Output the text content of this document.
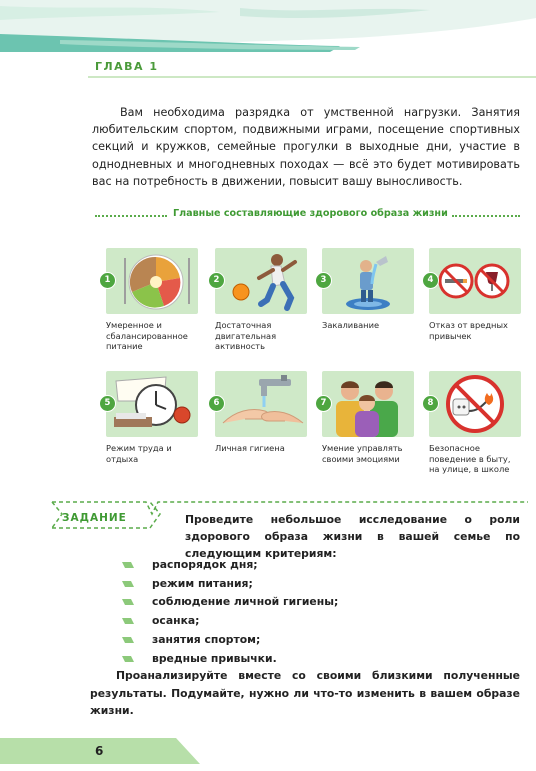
ГЛАВА 1

Вам необходима разрядка от умственной нагрузки. Занятия любительским спортом, подвижными играми, посещение спортивных секций и кружков, семейные прогулки в выходные дни, участие в однодневных и многодневных походах — всё это будет мотивировать вас на потребность в движении, повысит вашу выносливость.

Главные составляющие здорового образа жизни
1
Умеренное и сбалансированное питание
2
Достаточная двигательная активность
3
Закаливание
4
Отказ от вредных привычек
5
Режим труда и отдыха
6
Личная гигиена
7
Умение управлять своими эмоциями
8
Безопасное поведение в быту, на улице, в школе
ЗАДАНИЕ	Проведите небольшое исследование о роли здорового образа жизни в вашей семье по следующим критериям:
распорядок дня;
режим питания;
соблюдение личной гигиены;
осанка;
занятия спортом;
вредные привычки.

Проанализируйте вместе со своими близкими полученные результаты. Подумайте, нужно ли что-то изменить в вашем образе жизни.

6
